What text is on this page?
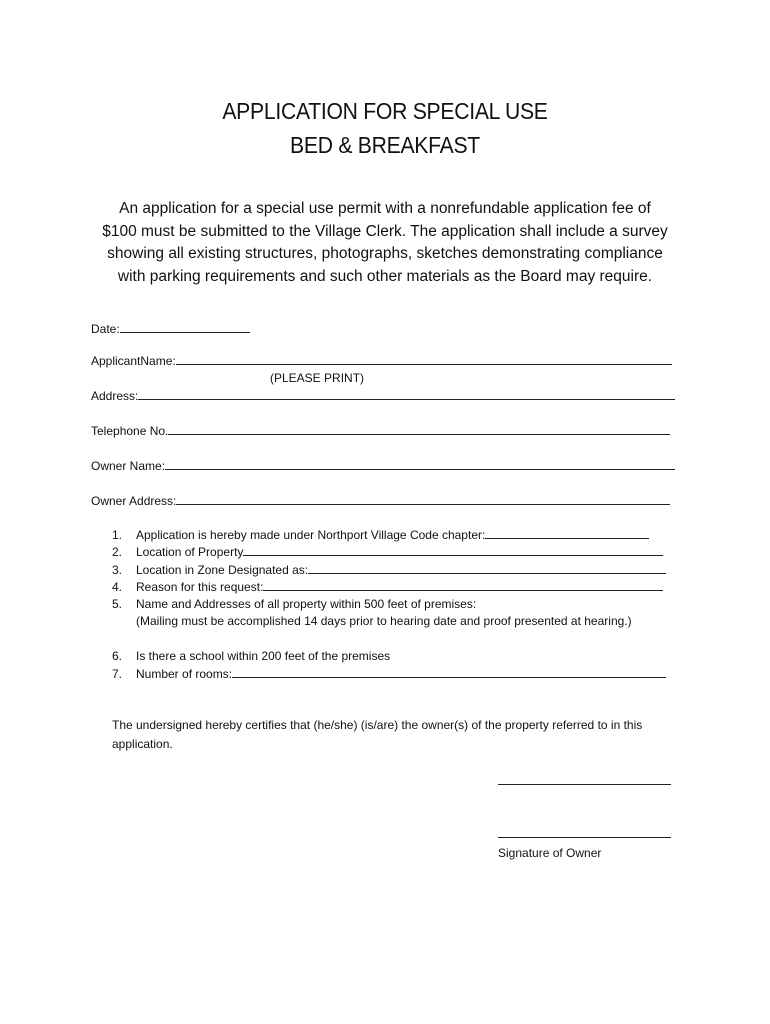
APPLICATION FOR SPECIAL USE
BED & BREAKFAST
An application for a special use permit with a nonrefundable application fee of
$100 must be submitted to the Village Clerk. The application shall include a survey
showing all existing structures, photographs, sketches demonstrating compliance
with parking requirements and such other materials as the Board may require.
Date:
ApplicantName:
(PLEASE PRINT)
Address:
Telephone No.
Owner Name:
Owner Address:
1. Application is hereby made under Northport Village Code chapter:
2. Location of Property
3. Location in Zone Designated as:
4. Reason for this request:
5. Name and Addresses of all property within 500 feet of premises:
(Mailing must be accomplished 14 days prior to hearing date and proof presented at hearing.)
6. Is there a school within 200 feet of the premises
7. Number of rooms:
The undersigned hereby certifies that (he/she) (is/are) the owner(s) of the property referred to in this application.
Signature of Owner
